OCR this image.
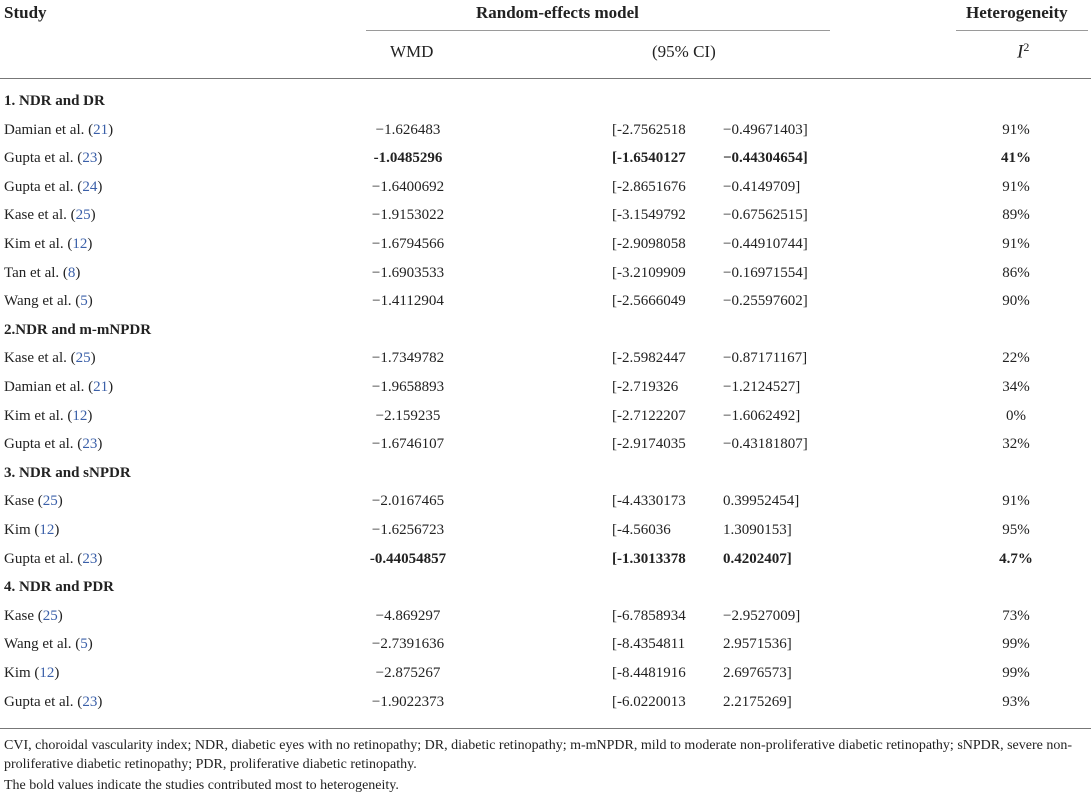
Study	Random-effects model	Heterogeneity
WMD	(95% CI)	$I^2$
1. NDR and DR
Damian et al. (21)	−1.626483	[-2.7562518 −0.49671403]	91%
Gupta et al. (23)	-1.0485296	[-1.6540127 −0.44304654]	41%
Gupta et al. (24)	−1.6400692	[-2.8651676 −0.4149709]	91%
Kase et al. (25)	−1.9153022	[-3.1549792 −0.67562515]	89%
Kim et al. (12)	−1.6794566	[-2.9098058 −0.44910744]	91%
Tan et al. (8)	−1.6903533	[-3.2109909 −0.16971554]	86%
Wang et al. (5)	−1.4112904	[-2.5666049 −0.25597602]	90%
2.NDR and m-mNPDR
Kase et al. (25)	−1.7349782	[-2.5982447 −0.87171167]	22%
Damian et al. (21)	−1.9658893	[-2.719326	−1.2124527]	34%
Kim et al. (12)	−2.159235	[-2.7122207 −1.6062492]	0%
Gupta et al. (23)	−1.6746107	[-2.9174035 −0.43181807]	32%
3. NDR and sNPDR
Kase (25)	−2.0167465	[-4.4330173 0.39952454]	91%
Kim (12)	−1.6256723	[-4.56036	1.3090153]	95%
Gupta et al. (23)	-0.44054857	[-1.3013378 0.4202407]	4.7%
4. NDR and PDR
Kase (25)	−4.869297	[-6.7858934 −2.9527009]	73%
Wang et al. (5)	−2.7391636	[-8.4354811	2.9571536]	99%
Kim (12)	−2.875267	[-8.4481916 2.6976573]	99%
Gupta et al. (23)	−1.9022373	[-6.0220013 2.2175269]	93%
CVI, choroidal vascularity index; NDR, diabetic eyes with no retinopathy; DR, diabetic retinopathy; m-mNPDR, mild to moderate non-proliferative diabetic retinopathy; sNPDR, severe non-proliferative diabetic retinopathy; PDR, proliferative diabetic retinopathy.
The bold values indicate the studies contributed most to heterogeneity.
